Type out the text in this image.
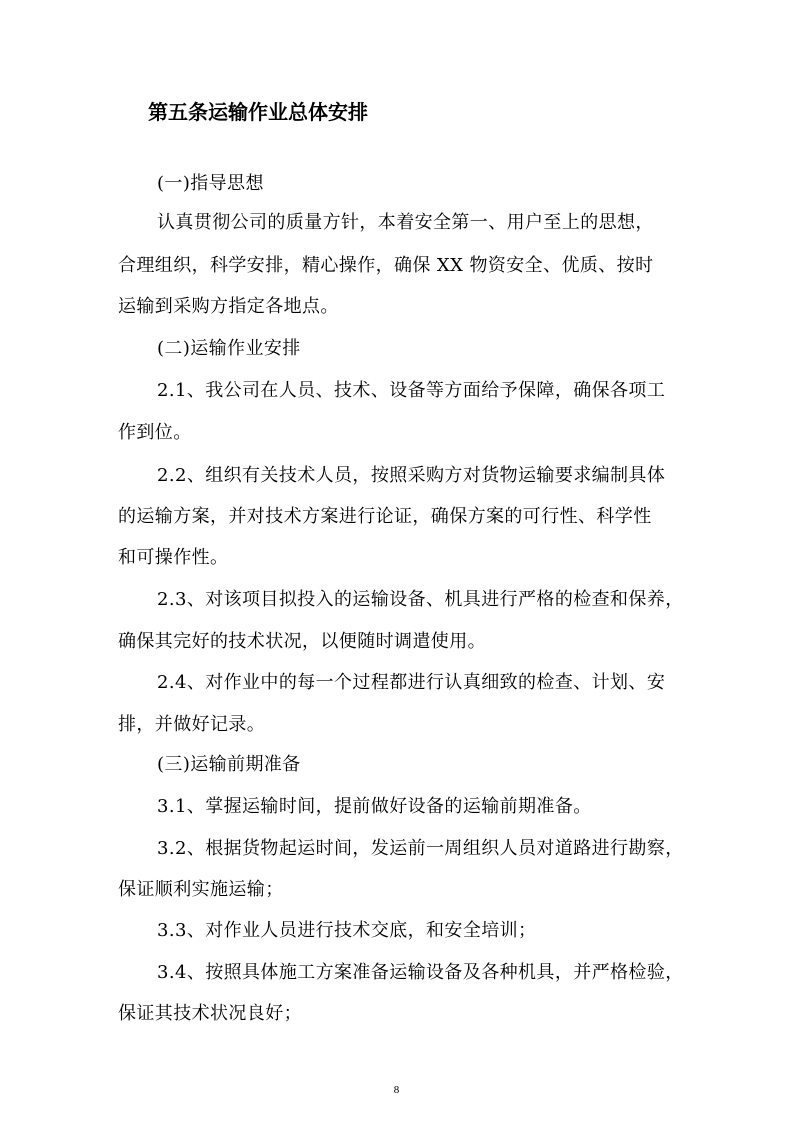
第五条运输作业总体安排
(一)指导思想
认真贯彻公司的质量方针，本着安全第一、用户至上的思想，
合理组织，科学安排，精心操作，确保 XX 物资安全、优质、按时
运输到采购方指定各地点。
(二)运输作业安排
2.1、我公司在人员、技术、设备等方面给予保障，确保各项工
作到位。
2.2、组织有关技术人员，按照采购方对货物运输要求编制具体
的运输方案，并对技术方案进行论证，确保方案的可行性、科学性
和可操作性。
2.3、对该项目拟投入的运输设备、机具进行严格的检查和保养，
确保其完好的技术状况，以便随时调遣使用。
2.4、对作业中的每一个过程都进行认真细致的检查、计划、安
排，并做好记录。
(三)运输前期准备
3.1、掌握运输时间，提前做好设备的运输前期准备。
3.2、根据货物起运时间，发运前一周组织人员对道路进行勘察，
保证顺利实施运输；
3.3、对作业人员进行技术交底，和安全培训；
3.4、按照具体施工方案准备运输设备及各种机具，并严格检验，
保证其技术状况良好；
8
